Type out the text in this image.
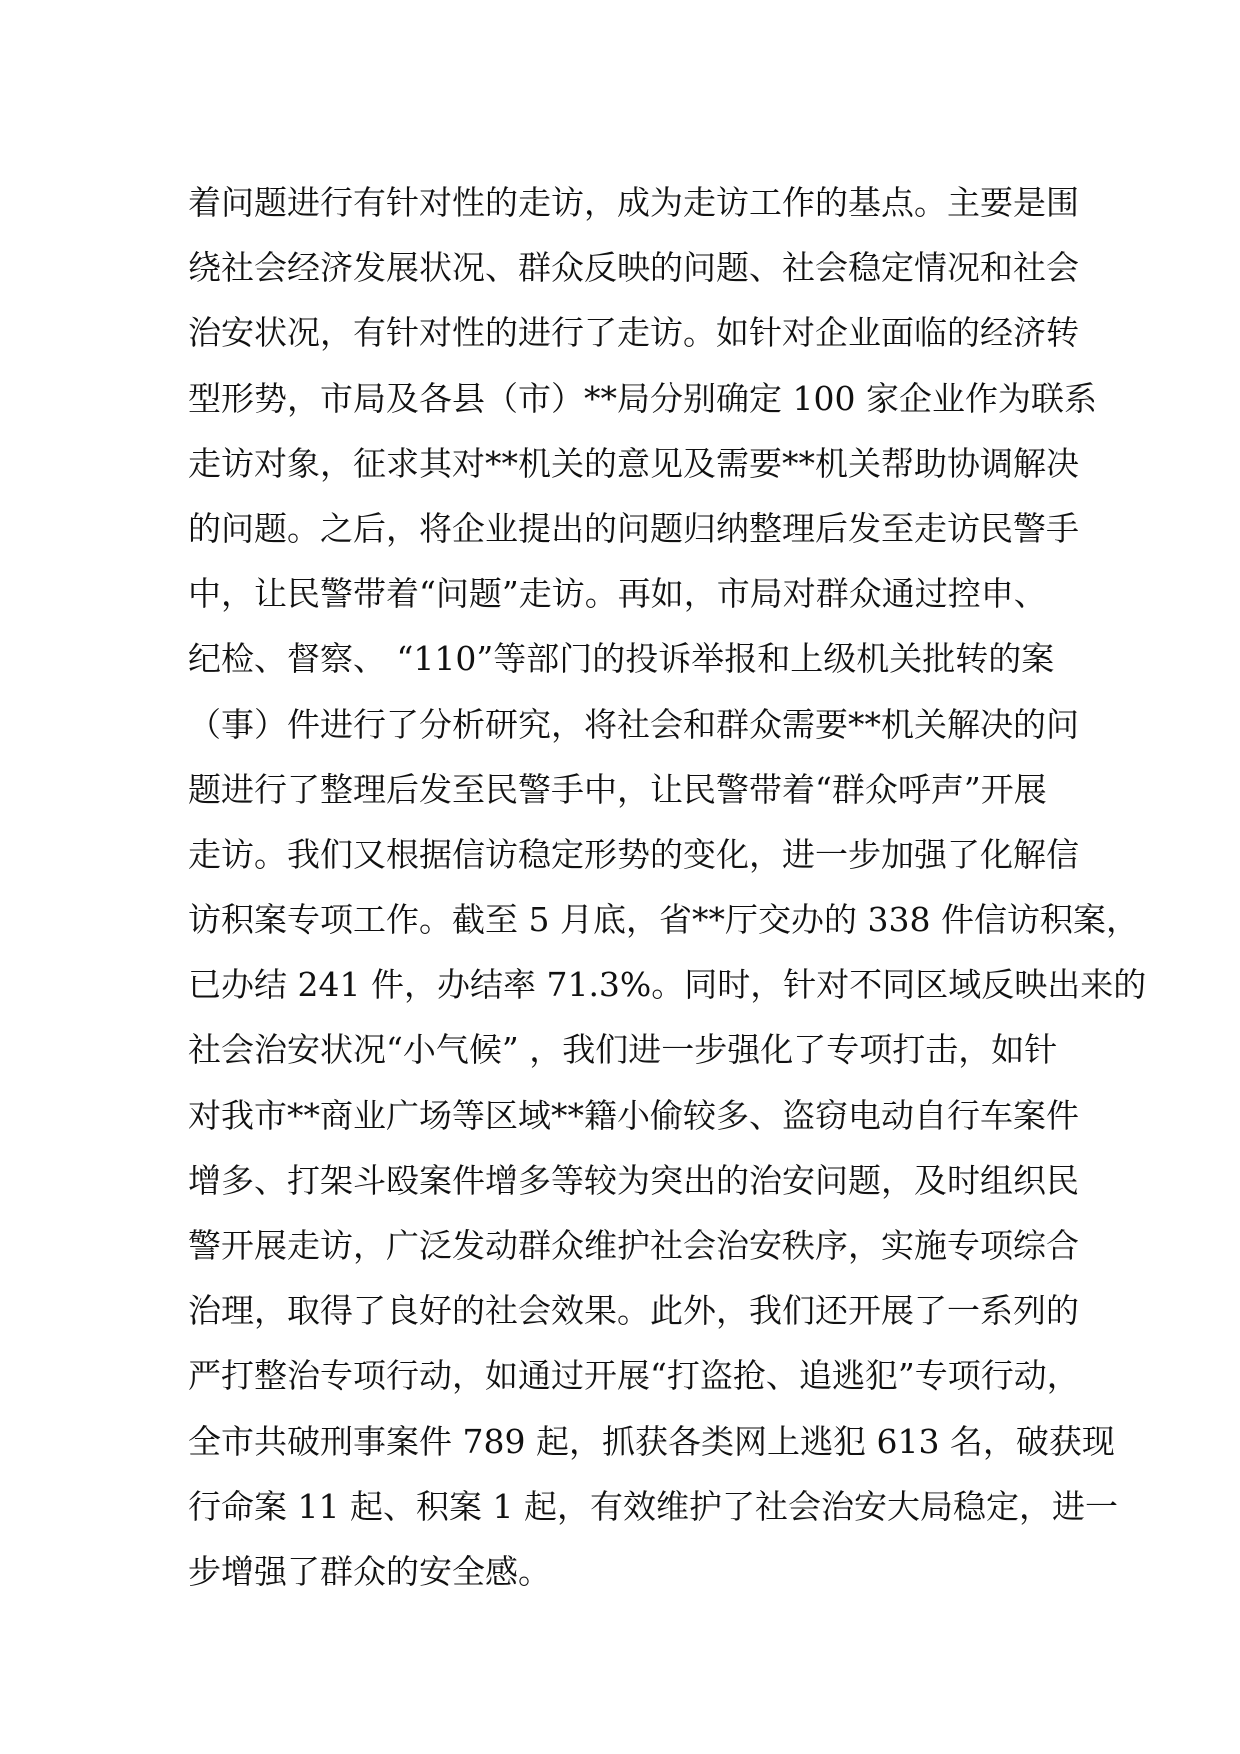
着问题进行有针对性的走访，成为走访工作的基点。主要是围
绕社会经济发展状况、群众反映的问题、社会稳定情况和社会
治安状况，有针对性的进行了走访。如针对企业面临的经济转
型形势，市局及各县（市）**局分别确定 100 家企业作为联系
走访对象，征求其对**机关的意见及需要**机关帮助协调解决
的问题。之后，将企业提出的问题归纳整理后发至走访民警手
中，让民警带着“问题”走访。再如，市局对群众通过控申、
纪检、督察、 “110”等部门的投诉举报和上级机关批转的案
（事）件进行了分析研究，将社会和群众需要**机关解决的问
题进行了整理后发至民警手中，让民警带着“群众呼声”开展
走访。我们又根据信访稳定形势的变化，进一步加强了化解信
访积案专项工作。截至 5 月底，省**厅交办的 338 件信访积案，
已办结 241 件，办结率 71.3%。同时，针对不同区域反映出来的
社会治安状况“小气候” ，我们进一步强化了专项打击，如针
对我市**商业广场等区域**籍小偷较多、盗窃电动自行车案件
增多、打架斗殴案件增多等较为突出的治安问题，及时组织民
警开展走访，广泛发动群众维护社会治安秩序，实施专项综合
治理，取得了良好的社会效果。此外，我们还开展了一系列的
严打整治专项行动，如通过开展“打盗抢、追逃犯”专项行动，
全市共破刑事案件 789 起，抓获各类网上逃犯 613 名，破获现
行命案 11 起、积案 1 起，有效维护了社会治安大局稳定，进一
步增强了群众的安全感。
